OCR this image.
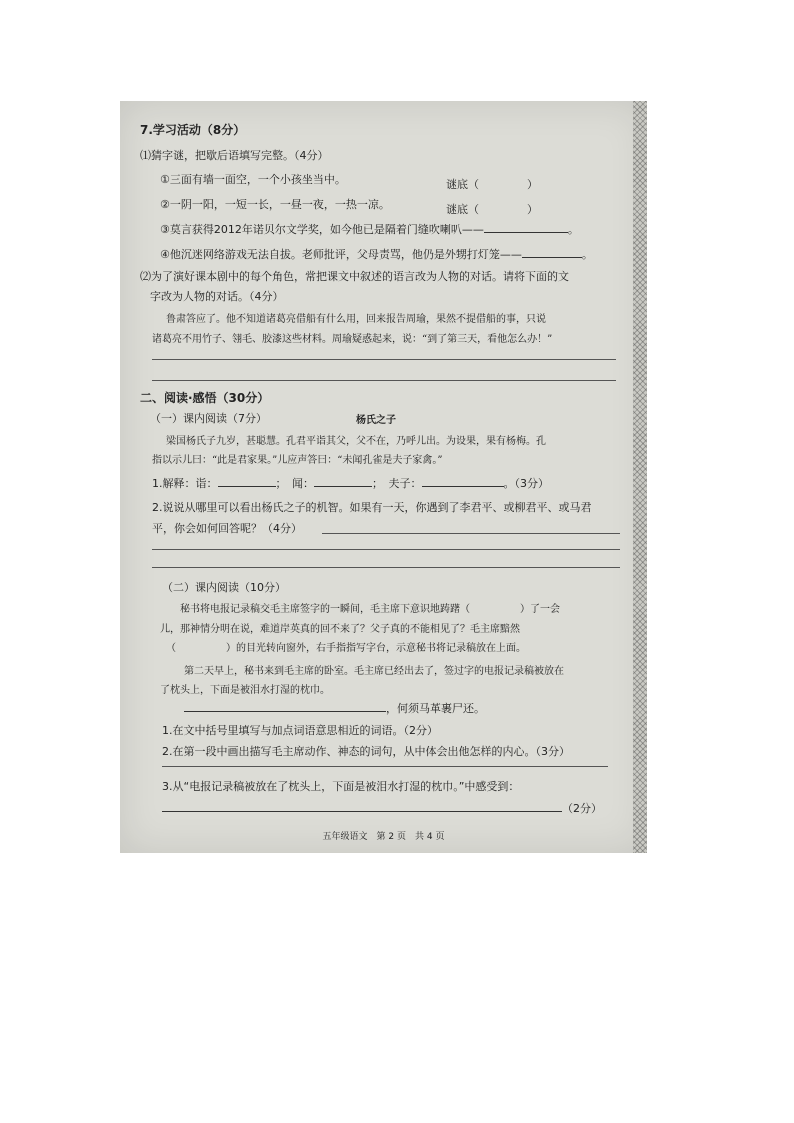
7.学习活动（8分）
⑴猜字谜，把歇后语填写完整。（4分）
①三面有墙一面空，一个小孩坐当中。	谜底（	）
②一阴一阳，一短一长，一昼一夜，一热一凉。	谜底（	）
③莫言获得2012年诺贝尔文学奖，如今他已是隔着门缝吹喇叭——	。
④他沉迷网络游戏无法自拔。老师批评，父母责骂，他仍是外甥打灯笼——	。
⑵为了演好课本剧中的每个角色，常把课文中叙述的语言改为人物的对话。请将下面的文
字改为人物的对话。（4分）
鲁肃答应了。他不知道诸葛亮借船有什么用，回来报告周瑜，果然不提借船的事，只说
诸葛亮不用竹子、翎毛、胶漆这些材料。周瑜疑惑起来，说：“到了第三天，看他怎么办！”
二、阅读·感悟（30分）
（一）课内阅读（7分）	杨氏之子
梁国杨氏子九岁，甚聪慧。孔君平诣其父，父不在，乃呼儿出。为设果，果有杨梅。孔
指以示儿曰：“此是君家果。”儿应声答曰：“未闻孔雀是夫子家禽。”
1.解释：诣：	；　闻：	；　夫子：	。（3分）
2.说说从哪里可以看出杨氏之子的机智。如果有一天，你遇到了李君平、或柳君平、或马君
平，你会如何回答呢？（4分）
（二）课内阅读（10分）
秘书将电报记录稿交毛主席签字的一瞬间，毛主席下意识地踌躇（　　　　　）了一会
儿，那神情分明在说，难道岸英真的回不来了？父子真的不能相见了？毛主席黯然
（　　　　　）的目光转向窗外，右手指指写字台，示意秘书将记录稿放在上面。
第二天早上，秘书来到毛主席的卧室。毛主席已经出去了，签过字的电报记录稿被放在
了枕头上，下面是被泪水打湿的枕巾。
，何须马革裹尸还。
1.在文中括号里填写与加点词语意思相近的词语。（2分）
2.在第一段中画出描写毛主席动作、神态的词句，从中体会出他怎样的内心。（3分）
3.从“电报记录稿被放在了枕头上，下面是被泪水打湿的枕巾。”中感受到：
（2分）
五年级语文　第 2 页　共 4 页
